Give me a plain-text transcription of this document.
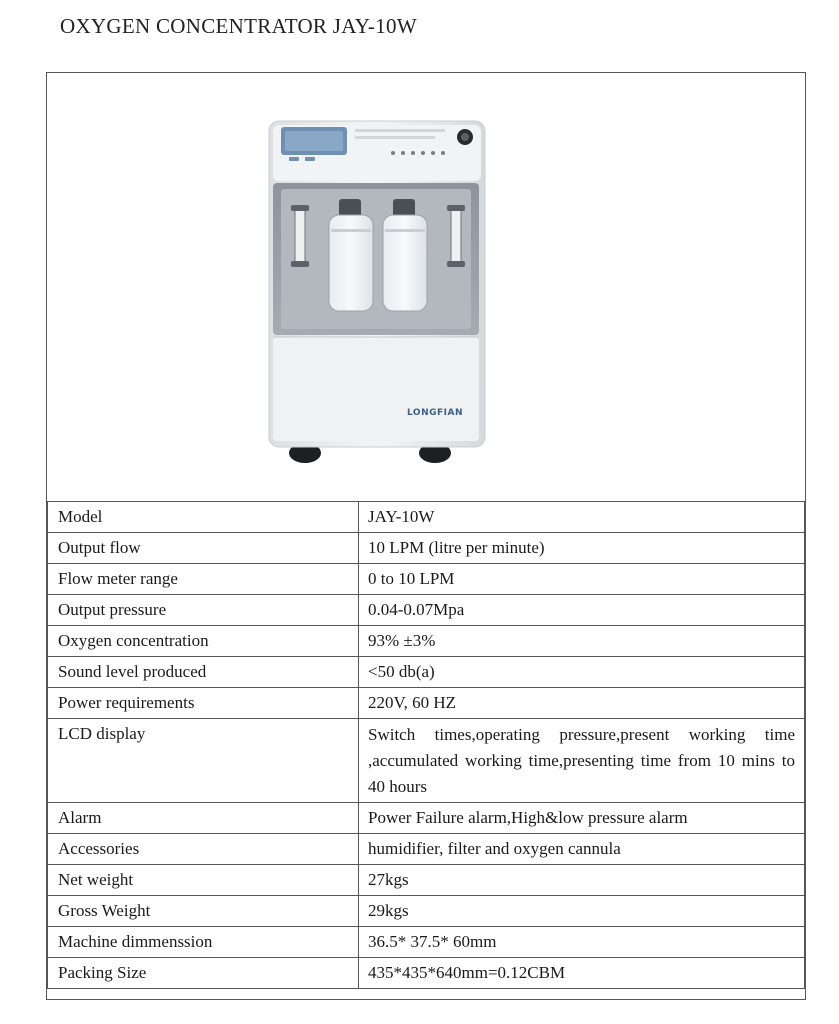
OXYGEN CONCENTRATOR JAY-10W
LONGFIAN
Model	JAY-10W
Output flow	10 LPM (litre per minute)
Flow meter range	0 to 10 LPM
Output pressure	0.04-0.07Mpa
Oxygen concentration	93% ±3%
Sound level produced	<50 db(a)
Power requirements	220V, 60 HZ
LCD display	Switch times,operating pressure,present working time ,accumulated working time,presenting time from 10 mins to 40 hours
Alarm	Power Failure alarm,High&low pressure alarm
Accessories	humidifier, filter and oxygen cannula
Net weight	27kgs
Gross Weight	29kgs
Machine dimmenssion	36.5* 37.5* 60mm
Packing Size	435*435*640mm=0.12CBM
